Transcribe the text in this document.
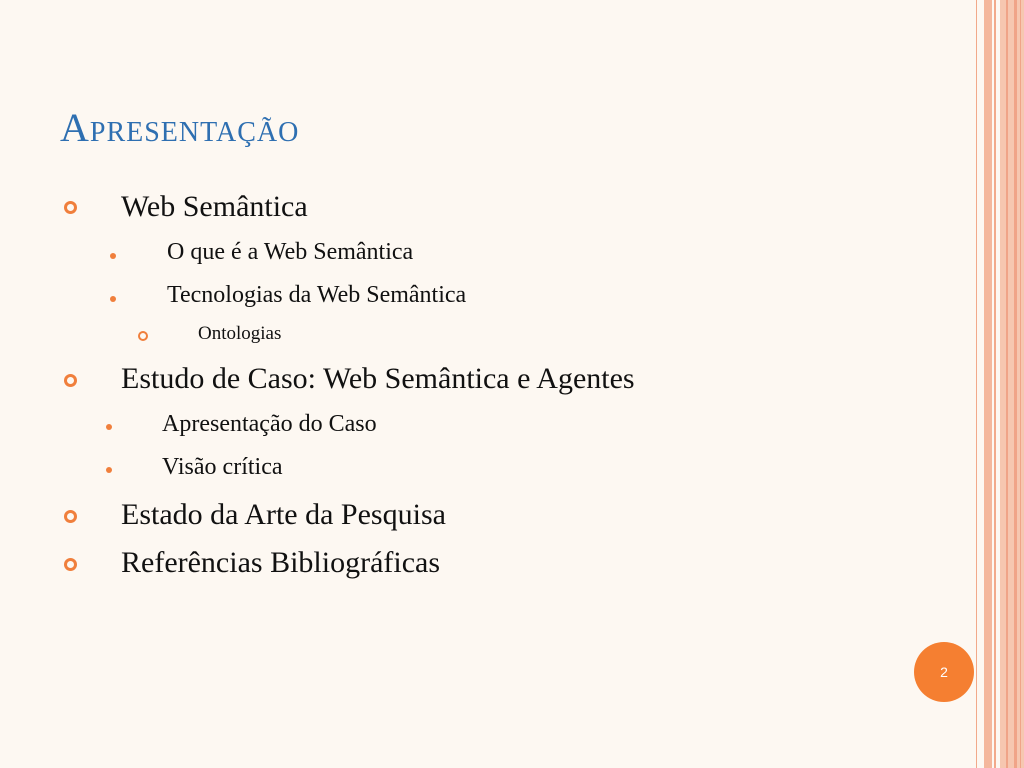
Apresentação
Web Semântica
O que é a Web Semântica
Tecnologias da Web Semântica
Ontologias
Estudo de Caso: Web Semântica e Agentes
Apresentação do Caso
Visão crítica
Estado da Arte da Pesquisa
Referências Bibliográficas
2
